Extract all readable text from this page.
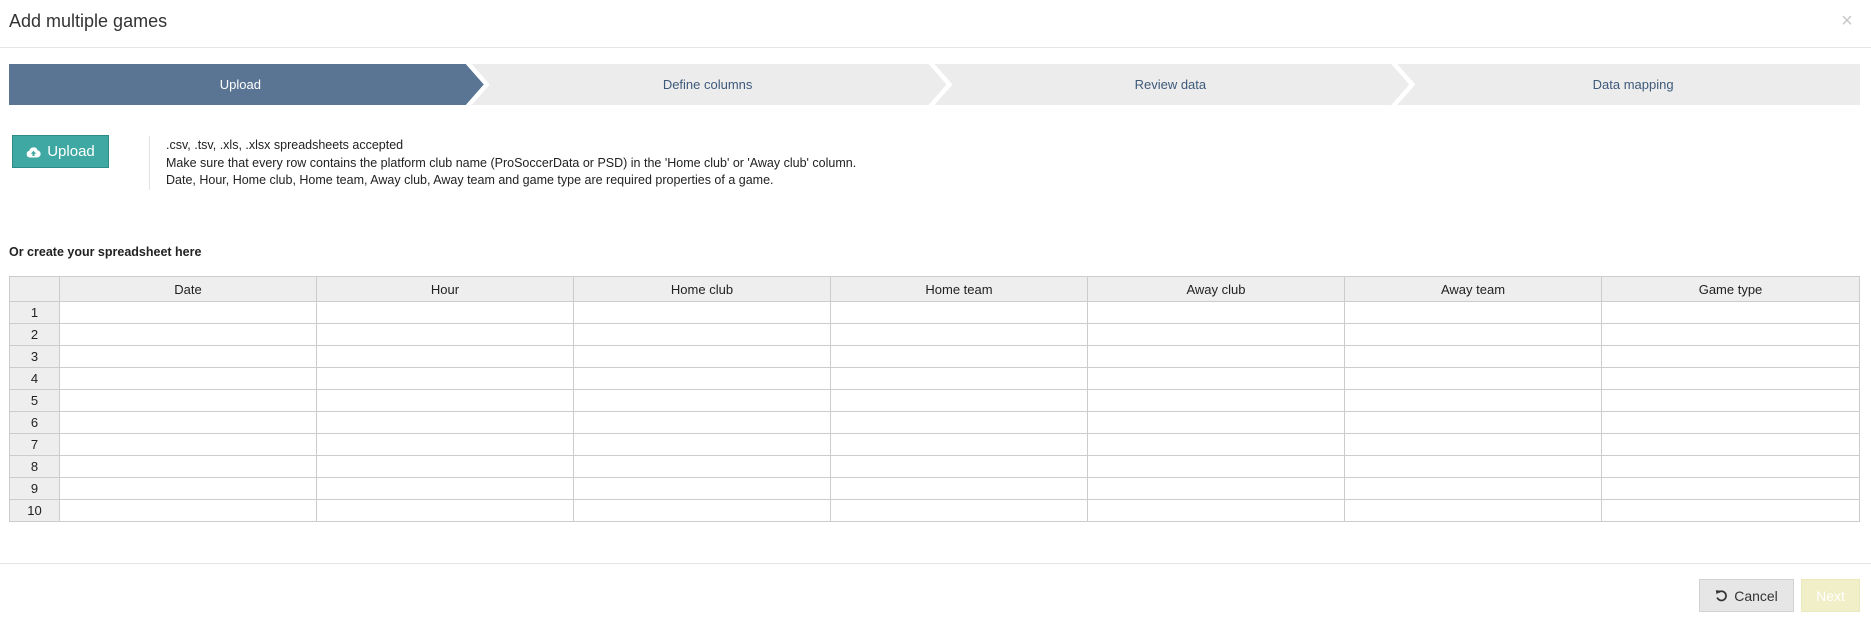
Add multiple games	×
Upload	Define columns	Review data	Data mapping
Upload	.csv, .tsv, .xls, .xlsx spreadsheets accepted
Make sure that every row contains the platform club name (ProSoccerData or PSD) in the 'Home club' or 'Away club' column.
Date, Hour, Home club, Home team, Away club, Away team and game type are required properties of a game.
Or create your spreadsheet here
	Date	Hour	Home club	Home team	Away club	Away team	Game type
1							
2							
3							
4							
5							
6							
7							
8							
9							
10							
Cancel	Next
